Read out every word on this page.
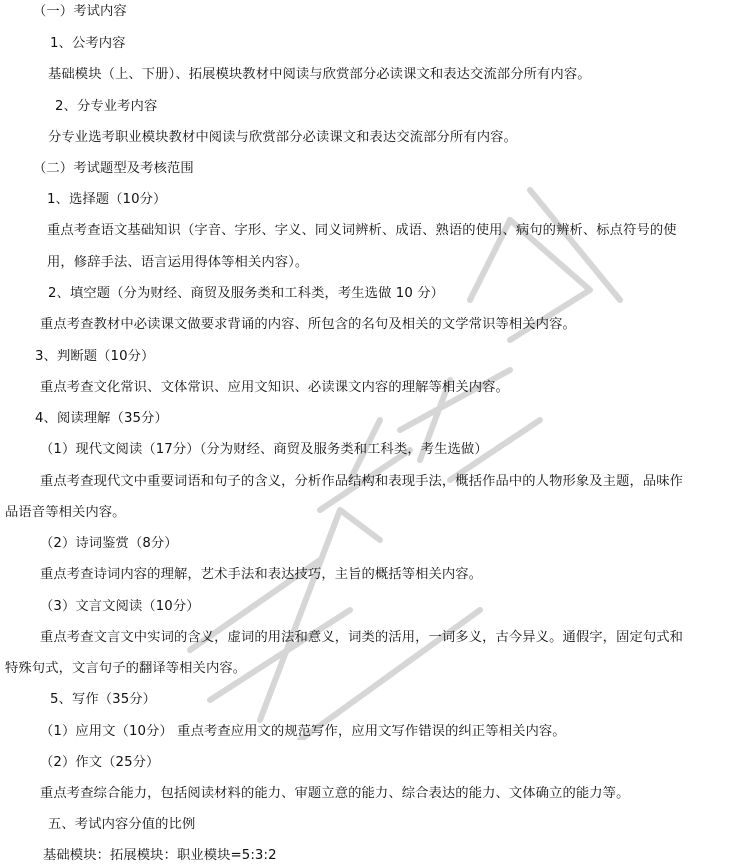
（一）考试内容
1、公考内容
基础模块（上、下册）、拓展模块教材中阅读与欣赏部分必读课文和表达交流部分所有内容。
2、分专业考内容
分专业选考职业模块教材中阅读与欣赏部分必读课文和表达交流部分所有内容。
（二）考试题型及考核范围
1、选择题（10分）
重点考查语文基础知识（字音、字形、字义、同义词辨析、成语、熟语的使用、病句的辨析、标点符号的使
用，修辞手法、语言运用得体等相关内容）。
2、填空题（分为财经、商贸及服务类和工科类，考生选做 10 分）
重点考查教材中必读课文做要求背诵的内容、所包含的名句及相关的文学常识等相关内容。
3、判断题（10分）
重点考查文化常识、文体常识、应用文知识、必读课文内容的理解等相关内容。
4、阅读理解（35分）
（1）现代文阅读（17分）（分为财经、商贸及服务类和工科类，考生选做）
重点考查现代文中重要词语和句子的含义，分析作品结构和表现手法，概括作品中的人物形象及主题，品味作
品语音等相关内容。
（2）诗词鉴赏（8分）
重点考查诗词内容的理解，艺术手法和表达技巧，主旨的概括等相关内容。
（3）文言文阅读（10分）
重点考查文言文中实词的含义，虚词的用法和意义，词类的活用，一词多义，古今异义。通假字，固定句式和
特殊句式，文言句子的翻译等相关内容。
5、写作（35分）
（1）应用文（10分） 重点考查应用文的规范写作，应用文写作错误的纠正等相关内容。
（2）作文（25分）
重点考查综合能力，包括阅读材料的能力、审题立意的能力、综合表达的能力、文体确立的能力等。
五、考试内容分值的比例
基础模块：拓展模块：职业模块=5:3:2
